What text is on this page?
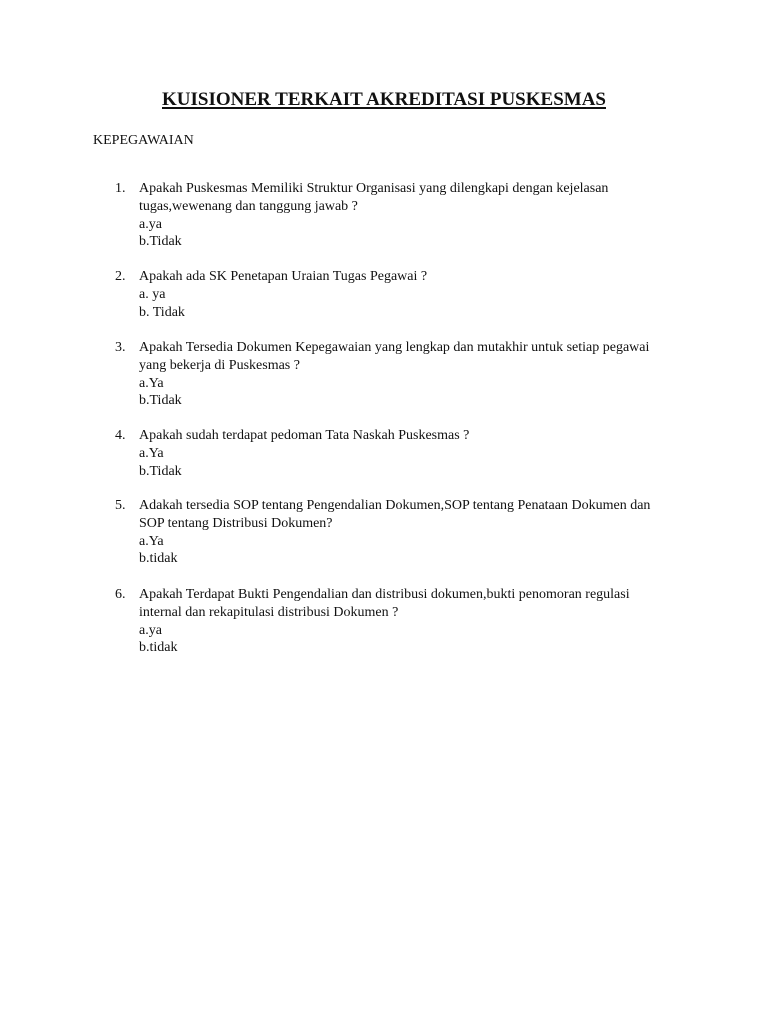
KUISIONER TERKAIT AKREDITASI PUSKESMAS
KEPEGAWAIAN
1. Apakah Puskesmas Memiliki Struktur Organisasi yang dilengkapi dengan kejelasan
tugas,wewenang dan tanggung jawab ?
a.ya
b.Tidak
2. Apakah ada SK Penetapan Uraian Tugas Pegawai ?
a. ya
b. Tidak
3. Apakah Tersedia Dokumen Kepegawaian yang lengkap dan mutakhir untuk setiap pegawai
yang bekerja di Puskesmas ?
a.Ya
b.Tidak
4. Apakah sudah terdapat pedoman Tata Naskah Puskesmas ?
a.Ya
b.Tidak
5. Adakah tersedia SOP tentang Pengendalian Dokumen,SOP tentang Penataan Dokumen dan
SOP tentang Distribusi Dokumen?
a.Ya
b.tidak
6. Apakah Terdapat Bukti Pengendalian dan distribusi dokumen,bukti penomoran regulasi
internal dan rekapitulasi distribusi Dokumen ?
a.ya
b.tidak
